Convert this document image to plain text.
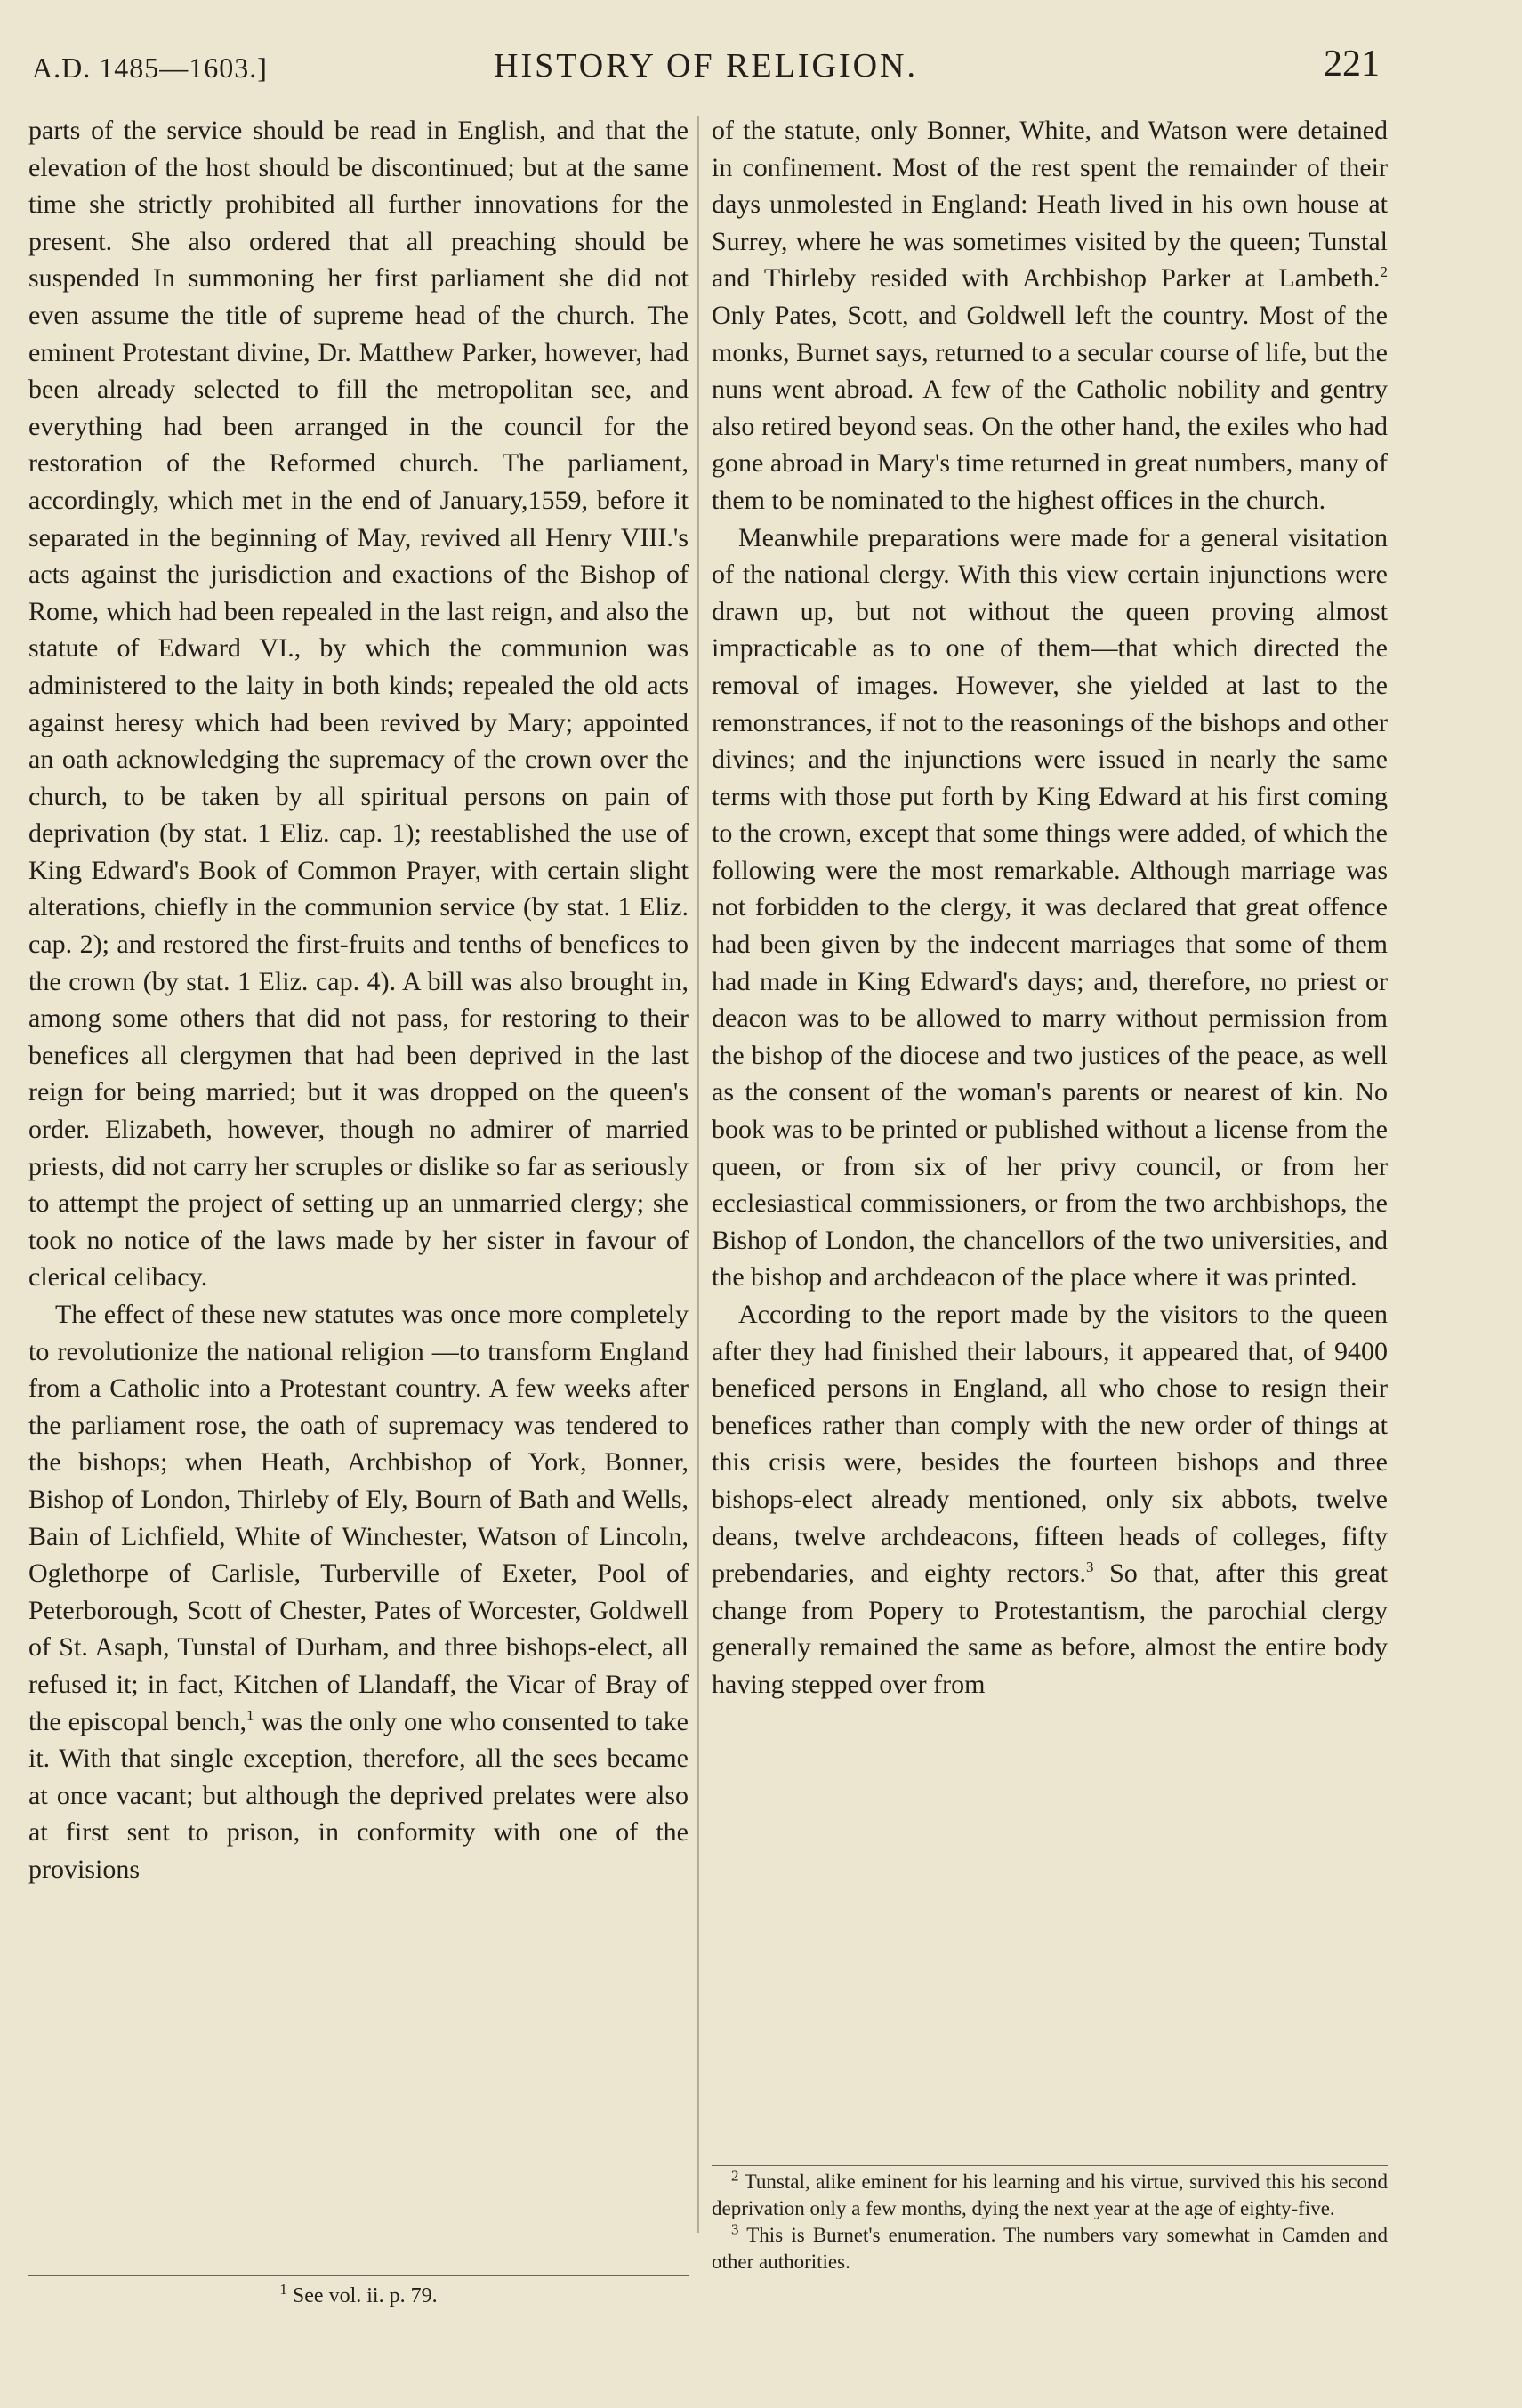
A.D. 1485—1603.]	HISTORY OF RELIGION.	221

parts of the service should be read in English, and that the elevation of the host should be discontinued; but at the same time she strictly prohibited all further innovations for the present. She also ordered that all preaching should be suspended In summoning her first parliament she did not even assume the title of supreme head of the church. The eminent Protestant divine, Dr. Matthew Parker, however, had been already selected to fill the metropolitan see, and everything had been arranged in the council for the restoration of the Reformed church. The parliament, accordingly, which met in the end of January,1559, before it separated in the beginning of May, revived all Henry VIII.'s acts against the jurisdiction and exactions of the Bishop of Rome, which had been repealed in the last reign, and also the statute of Edward VI., by which the communion was administered to the laity in both kinds; repealed the old acts against heresy which had been revived by Mary; appointed an oath acknowledging the supremacy of the crown over the church, to be taken by all spiritual persons on pain of deprivation (by stat. 1 Eliz. cap. 1); reestablished the use of King Edward's Book of Common Prayer, with certain slight alterations, chiefly in the communion service (by stat. 1 Eliz. cap. 2); and restored the first-fruits and tenths of benefices to the crown (by stat. 1 Eliz. cap. 4). A bill was also brought in, among some others that did not pass, for restoring to their benefices all clergymen that had been deprived in the last reign for being married; but it was dropped on the queen's order. Elizabeth, however, though no admirer of married priests, did not carry her scruples or dislike so far as seriously to attempt the project of setting up an unmarried clergy; she took no notice of the laws made by her sister in favour of clerical celibacy.

The effect of these new statutes was once more completely to revolutionize the national religion —to transform England from a Catholic into a Protestant country. A few weeks after the parliament rose, the oath of supremacy was tendered to the bishops; when Heath, Archbishop of York, Bonner, Bishop of London, Thirleby of Ely, Bourn of Bath and Wells, Bain of Lichfield, White of Winchester, Watson of Lincoln, Oglethorpe of Carlisle, Turberville of Exeter, Pool of Peterborough, Scott of Chester, Pates of Worcester, Goldwell of St. Asaph, Tunstal of Durham, and three bishops-elect, all refused it; in fact, Kitchen of Llandaff, the Vicar of Bray of the episcopal bench,$^1$ was the only one who consented to take it. With that single exception, therefore, all the sees became at once vacant; but although the deprived prelates were also at first sent to prison, in conformity with one of the provisions

of the statute, only Bonner, White, and Watson were detained in confinement. Most of the rest spent the remainder of their days unmolested in England: Heath lived in his own house at Surrey, where he was sometimes visited by the queen; Tunstal and Thirleby resided with Archbishop Parker at Lambeth.$^2$ Only Pates, Scott, and Goldwell left the country. Most of the monks, Burnet says, returned to a secular course of life, but the nuns went abroad. A few of the Catholic nobility and gentry also retired beyond seas. On the other hand, the exiles who had gone abroad in Mary's time returned in great numbers, many of them to be nominated to the highest offices in the church.

Meanwhile preparations were made for a general visitation of the national clergy. With this view certain injunctions were drawn up, but not without the queen proving almost impracticable as to one of them—that which directed the removal of images. However, she yielded at last to the remonstrances, if not to the reasonings of the bishops and other divines; and the injunctions were issued in nearly the same terms with those put forth by King Edward at his first coming to the crown, except that some things were added, of which the following were the most remarkable. Although marriage was not forbidden to the clergy, it was declared that great offence had been given by the indecent marriages that some of them had made in King Edward's days; and, therefore, no priest or deacon was to be allowed to marry without permission from the bishop of the diocese and two justices of the peace, as well as the consent of the woman's parents or nearest of kin. No book was to be printed or published without a license from the queen, or from six of her privy council, or from her ecclesiastical commissioners, or from the two archbishops, the Bishop of London, the chancellors of the two universities, and the bishop and archdeacon of the place where it was printed.

According to the report made by the visitors to the queen after they had finished their labours, it appeared that, of 9400 beneficed persons in England, all who chose to resign their benefices rather than comply with the new order of things at this crisis were, besides the fourteen bishops and three bishops-elect already mentioned, only six abbots, twelve deans, twelve archdeacons, fifteen heads of colleges, fifty prebendaries, and eighty rectors.$^3$ So that, after this great change from Popery to Protestantism, the parochial clergy generally remained the same as before, almost the entire body having stepped over from

$^1$ See vol. ii. p. 79.

$^2$ Tunstal, alike eminent for his learning and his virtue, survived this his second deprivation only a few months, dying the next year at the age of eighty-five.

$^3$ This is Burnet's enumeration. The numbers vary somewhat in Camden and other authorities.
